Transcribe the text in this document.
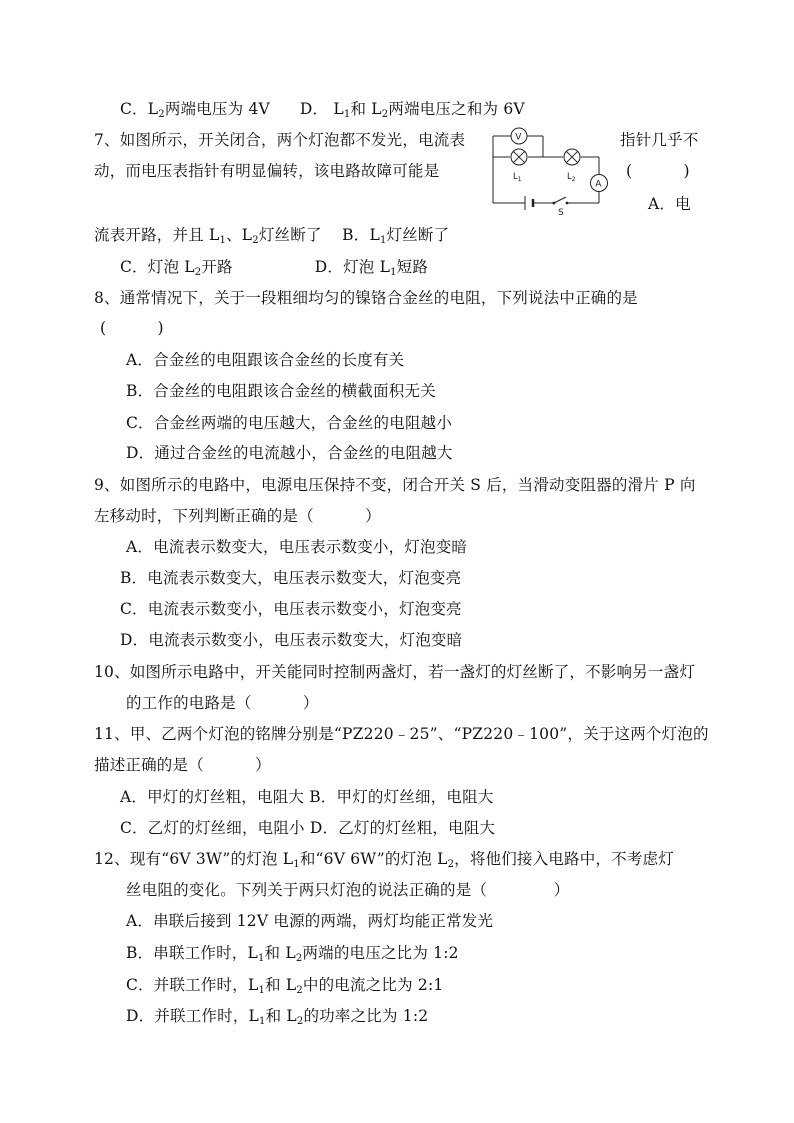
C．$L_2$两端电压为 4V D． $L_1$和 $L_2$两端电压之和为 6V
7、如图所示，开关闭合，两个灯泡都不发光，电流表	指针几乎不
动，而电压表指针有明显偏转，该电路故障可能是	(          )
A．电
S
V
$L_1$	$L_2$ A
流表开路，并且 $L_1$、$L_2$灯丝断了    B．$L_1$灯丝断了
C．灯泡 $L_2$开路	D．灯泡 $L_1$短路
8、通常情况下，关于一段粗细均匀的镍铬合金丝的电阻，下列说法中正确的是
(          )
A．合金丝的电阻跟该合金丝的长度有关
B．合金丝的电阻跟该合金丝的横截面积无关
C．合金丝两端的电压越大，合金丝的电阻越小
D．通过合金丝的电流越小，合金丝的电阻越大
9、如图所示的电路中，电源电压保持不变，闭合开关 S 后，当滑动变阻器的滑片 P 向
左移动时，下列判断正确的是（          ）
A．电流表示数变大，电压表示数变小，灯泡变暗
B．电流表示数变大，电压表示数变大，灯泡变亮
C．电流表示数变小，电压表示数变小，灯泡变亮
D．电流表示数变小，电压表示数变大，灯泡变暗
10、如图所示电路中，开关能同时控制两盏灯，若一盏灯的灯丝断了，不影响另一盏灯
的工作的电路是（          ）
11、甲、乙两个灯泡的铭牌分别是“PZ220﹣25”、“PZ220﹣100”，关于这两个灯泡的
描述正确的是（          ）
A．甲灯的灯丝粗，电阻大 B．甲灯的灯丝细，电阻大
C．乙灯的灯丝细，电阻小 D．乙灯的灯丝粗，电阻大
12、现有“6V 3W”的灯泡 $L_1$和“6V 6W”的灯泡 $L_2$，将他们接入电路中，不考虑灯
丝电阻的变化。下列关于两只灯泡的说法正确的是（             ）
A．串联后接到 12V 电源的两端，两灯均能正常发光
B．串联工作时，$L_1$和 $L_2$两端的电压之比为 1:2
C．并联工作时，$L_1$和 $L_2$中的电流之比为 2:1
D．并联工作时，$L_1$和 $L_2$的功率之比为 1:2
